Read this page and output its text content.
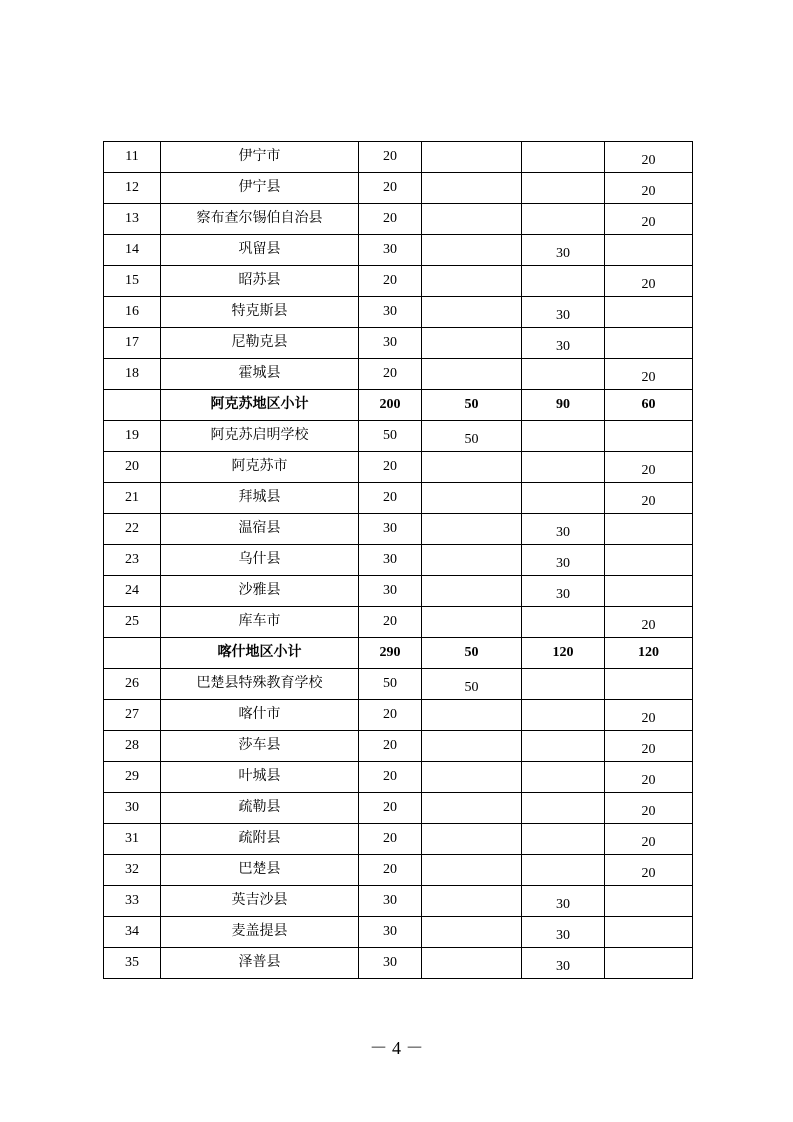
11	伊宁市	20			20
12	伊宁县	20			20
13	察布查尔锡伯自治县	20			20
14	巩留县	30		30	
15	昭苏县	20			20
16	特克斯县	30		30	
17	尼勒克县	30		30	
18	霍城县	20			20
	阿克苏地区小计	200	50	90	60
19	阿克苏启明学校	50	50		
20	阿克苏市	20			20
21	拜城县	20			20
22	温宿县	30		30	
23	乌什县	30		30	
24	沙雅县	30		30	
25	库车市	20			20
	喀什地区小计	290	50	120	120
26	巴楚县特殊教育学校	50	50		
27	喀什市	20			20
28	莎车县	20			20
29	叶城县	20			20
30	疏勒县	20			20
31	疏附县	20			20
32	巴楚县	20			20
33	英吉沙县	30		30	
34	麦盖提县	30		30	
35	泽普县	30		30	
－ 4 －
